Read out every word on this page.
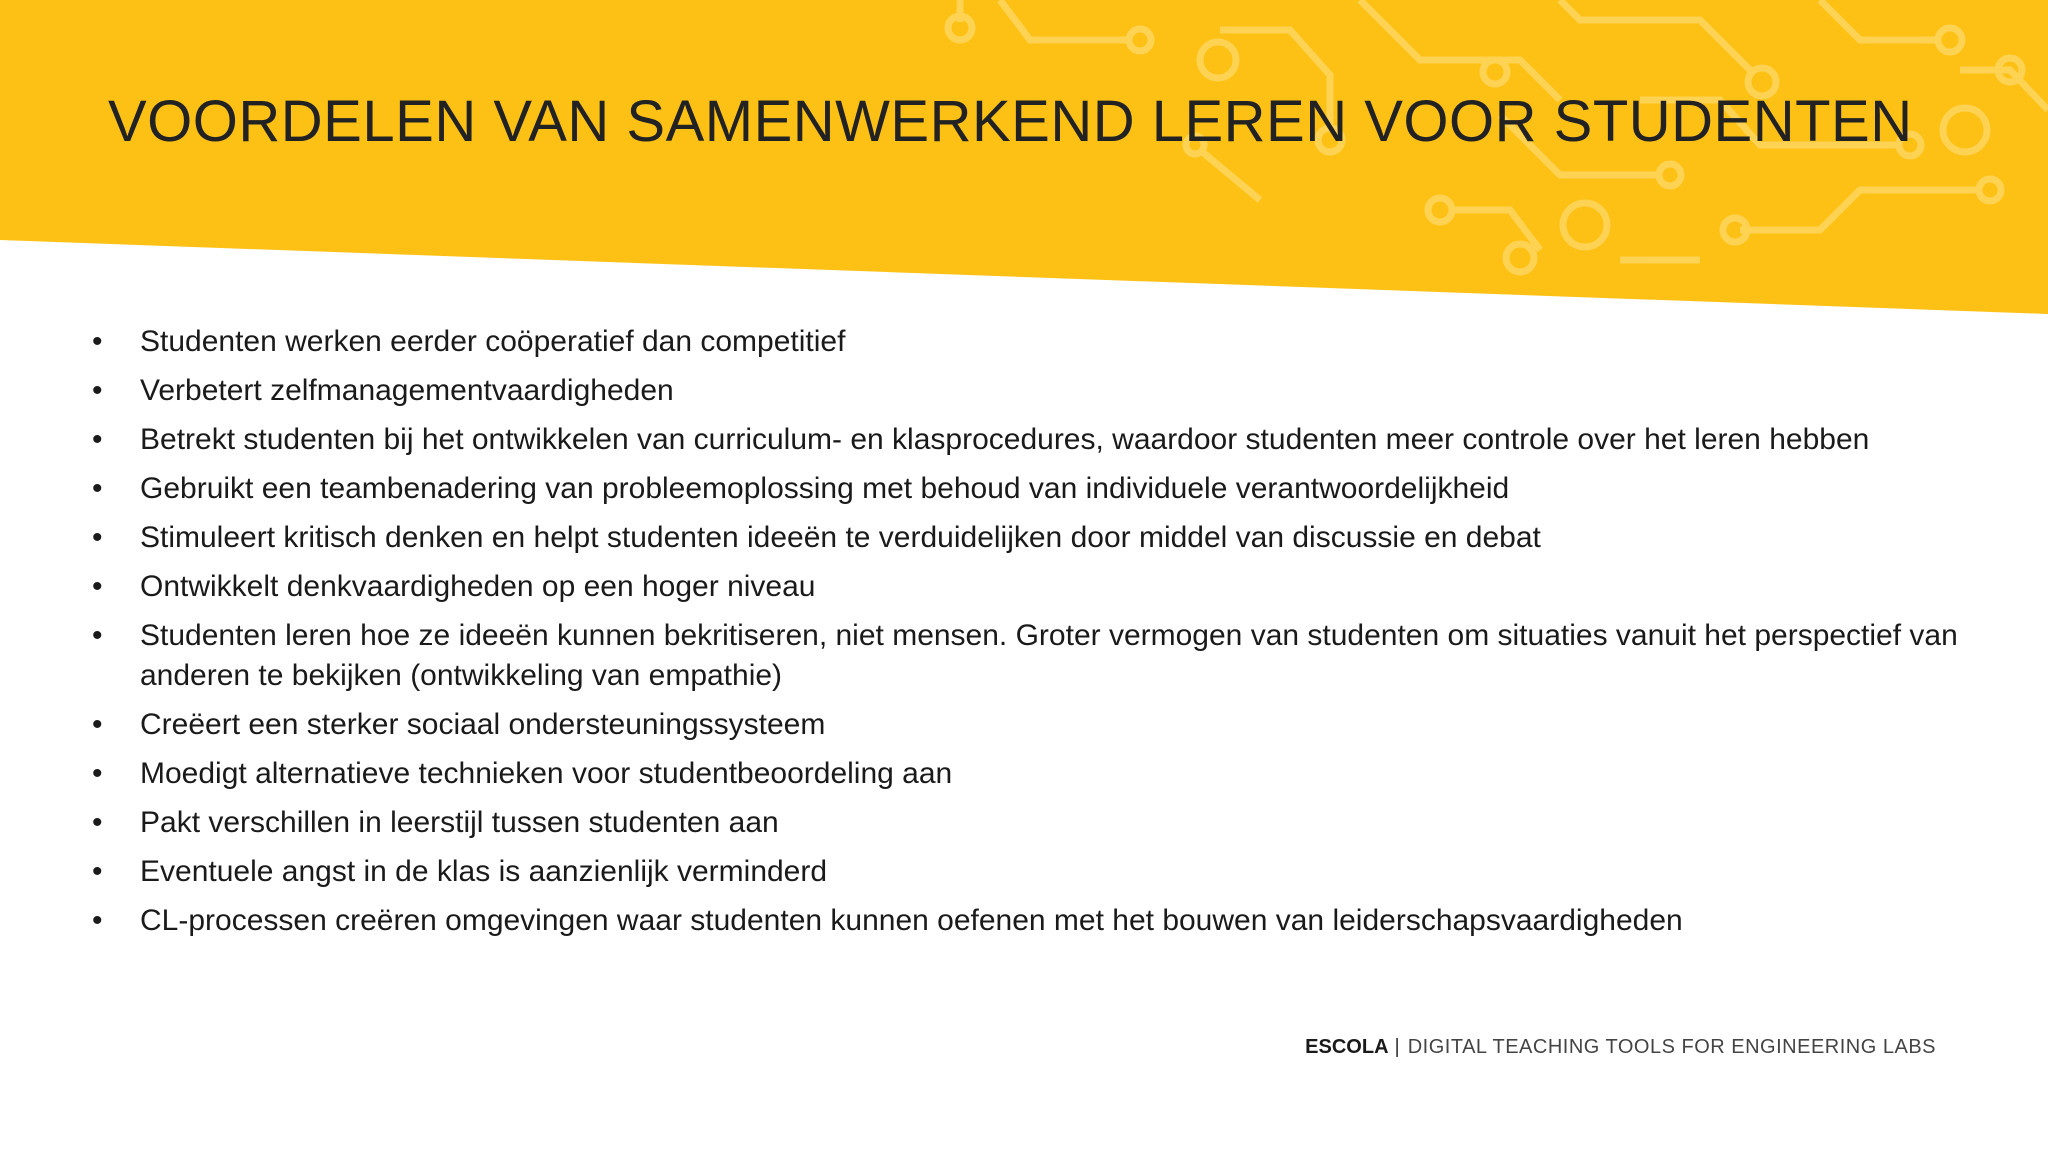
VOORDELEN VAN SAMENWERKEND LEREN VOOR STUDENTEN
• Studenten werken eerder coöperatief dan competitief
• Verbetert zelfmanagementvaardigheden
• Betrekt studenten bij het ontwikkelen van curriculum- en klasprocedures, waardoor studenten meer controle over het leren hebben
• Gebruikt een teambenadering van probleemoplossing met behoud van individuele verantwoordelijkheid
• Stimuleert kritisch denken en helpt studenten ideeën te verduidelijken door middel van discussie en debat
• Ontwikkelt denkvaardigheden op een hoger niveau
• Studenten leren hoe ze ideeën kunnen bekritiseren, niet mensen. Groter vermogen van studenten om situaties vanuit het perspectief van anderen te bekijken (ontwikkeling van empathie)
• Creëert een sterker sociaal ondersteuningssysteem
• Moedigt alternatieve technieken voor studentbeoordeling aan
• Pakt verschillen in leerstijl tussen studenten aan
• Eventuele angst in de klas is aanzienlijk verminderd
• CL-processen creëren omgevingen waar studenten kunnen oefenen met het bouwen van leiderschapsvaardigheden
ESCOLA | DIGITAL TEACHING TOOLS FOR ENGINEERING LABS
